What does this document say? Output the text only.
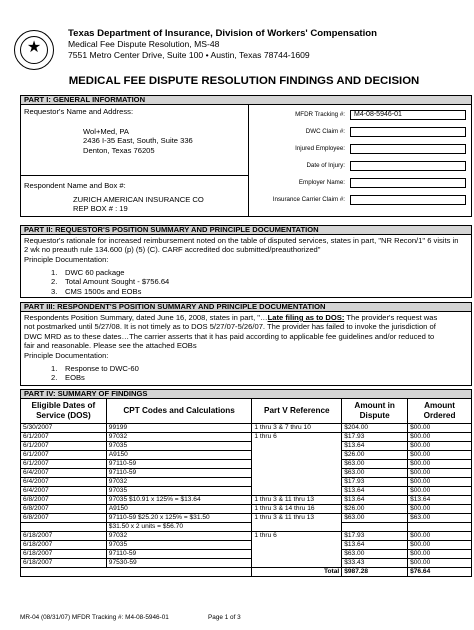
★
Texas Department of Insurance, Division of Workers' Compensation
Medical Fee Dispute Resolution, MS-48
7551 Metro Center Drive, Suite 100 • Austin, Texas 78744-1609
MEDICAL FEE DISPUTE RESOLUTION FINDINGS AND DECISION
PART I: GENERAL INFORMATION
Requestor's Name and Address:
Wol+Med, PA
2436 I-35 East, South, Suite 336
Denton, Texas 76205
Respondent Name and Box #:
ZURICH AMERICAN INSURANCE CO
REP BOX # : 19
MFDR Tracking #:	M4-08-5946-01
DWC Claim #:
Injured Employee:
Date of Injury:
Employer Name:
Insurance Carrier Claim #:
PART II: REQUESTOR'S POSITION SUMMARY AND PRINCIPLE DOCUMENTATION
Requestor's rationale for increased reimbursement noted on the table of disputed services, states in part, "NR Recon/1" 6 visits in
2 wk no preauth rule 134.600 (p) (5) (C). CARF accredited doc submitted/preauthorized"
Principle Documentation:
1. DWC 60 package
2. Total Amount Sought - $756.64
3. CMS 1500s and EOBs
PART III: RESPONDENT'S POSITION SUMMARY AND PRINCIPLE DOCUMENTATION
Respondents Position Summary, dated June 16, 2008, states in part, "…Late filing as to DOS: The provider's request was
not postmarked until 5/27/08. It is not timely as to DOS 5/27/07-5/26/07. The provider has failed to invoke the jurisdiction of
DWC MRD as to these dates…The carrier asserts that it has paid according to applicable fee guidelines and/or reduced to
fair and reasonable. Please see the attached EOBs
Principle Documentation:
1. Response to DWC-60
2. EOBs
PART IV: SUMMARY OF FINDINGS
Eligible Dates of Service (DOS)	CPT Codes and Calculations	Part V Reference	Amount in Dispute	Amount Ordered
5/30/2007	99199	1 thru 3 & 7 thru 10	$204.00	$00.00
6/1/2007	97032	1 thru 6	$17.93	$00.00
6/1/2007	97035		$13.64	$00.00
6/1/2007	A9150		$26.00	$00.00
6/1/2007	97110-59		$63.00	$00.00
6/4/2007	97110-59		$63.00	$00.00
6/4/2007	97032		$17.93	$00.00
6/4/2007	97035		$13.64	$00.00
6/8/2007	97035 $10.91 x 125% = $13.64	1 thru 3 & 11 thru 13	$13.64	$13.64
6/8/2007	A9150	1 thru 3 & 14 thru 16	$26.00	$00.00
6/8/2007	97110-59 $25.20 x 125% = $31.50	1 thru 3 & 11 thru 13	$63.00	$63.00
	$31.50 x 2 units = $56.70			
6/18/2007	97032	1 thru 6	$17.93	$00.00
6/18/2007	97035		$13.64	$00.00
6/18/2007	97110-59		$63.00	$00.00
6/18/2007	97530-59		$33.43	$00.00
		Total	$987.28	$76.64
MR-04 (08/31/07) MFDR Tracking #: M4-08-5946-01	Page 1 of 3
